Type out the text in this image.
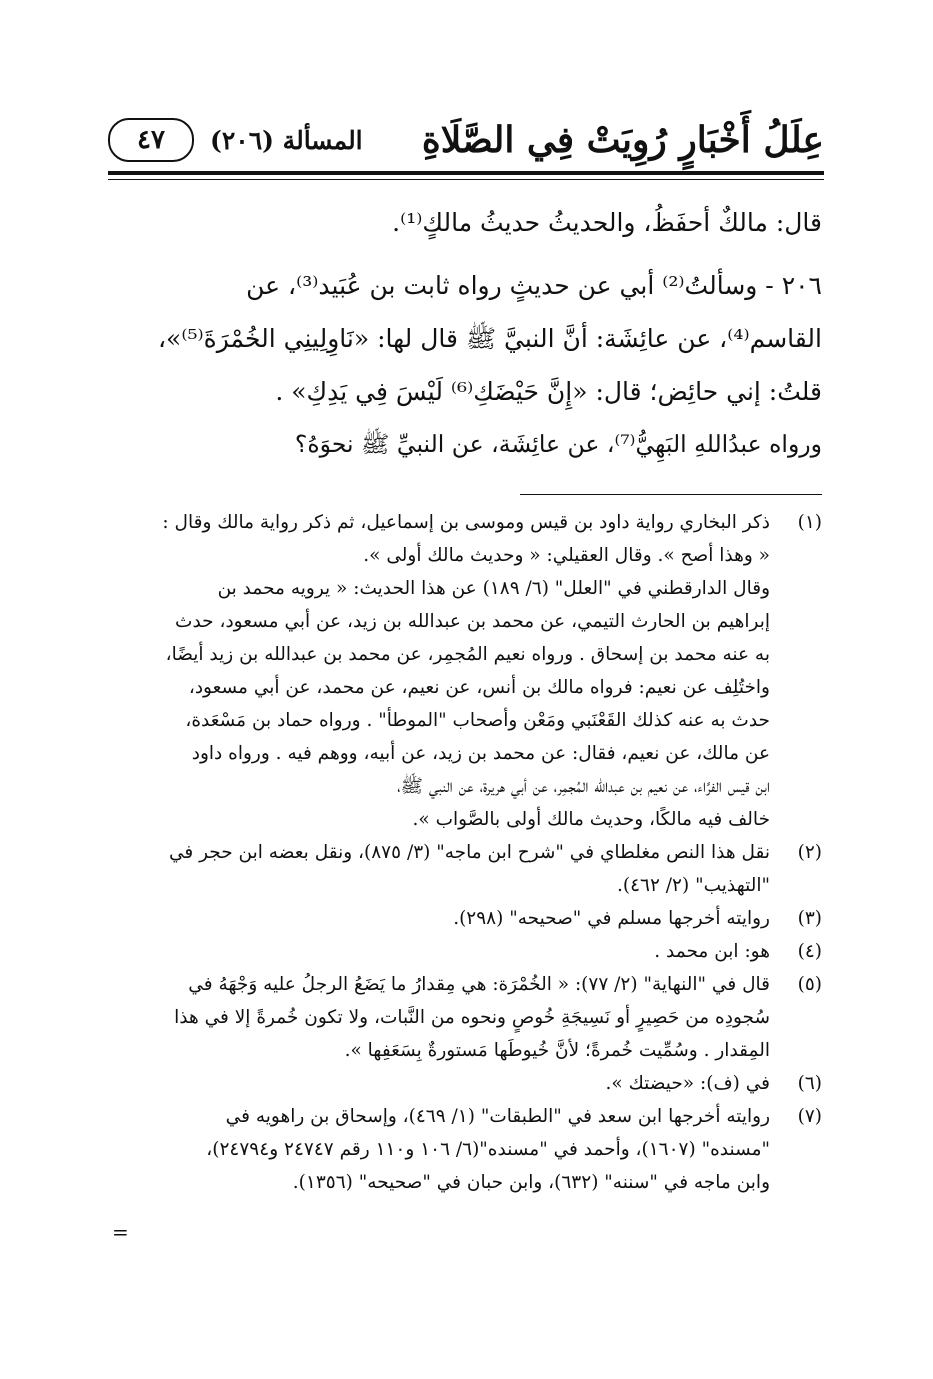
عِلَلُ أَخْبَارٍ رُوِيَتْ فِي الصَّلَاةِ
المسألة (٢٠٦)
٤٧

قال: مالكٌ أحفَظُ، والحديثُ حديثُ مالكٍ⁽¹⁾.

٢٠٦ - وسألتُ⁽²⁾ أبي عن حديثٍ رواه ثابت بن عُبَيد⁽³⁾، عن

القاسم⁽⁴⁾، عن عائِشَة: أنَّ النبيَّ ﷺ قال لها: «نَاوِلِينِي الخُمْرَةَ⁽⁵⁾»،

قلتُ: إني حائِض؛ قال: «إِنَّ حَيْضَكِ⁽⁶⁾ لَيْسَ فِي يَدِكِ» .

ورواه عبدُاللهِ البَهِيُّ⁽⁷⁾، عن عائِشَة، عن النبيِّ ﷺ نحوَهُ؟

(١)

ذكر البخاري رواية داود بن قيس وموسى بن إسماعيل، ثم ذكر رواية مالك وقال :

« وهذا أصح ». وقال العقيلي: « وحديث مالك أولى ».

وقال الدارقطني في "العلل" (٦/ ١٨٩) عن هذا الحديث: « يرويه محمد بن

إبراهيم بن الحارث التيمي، عن محمد بن عبدالله بن زيد، عن أبي مسعود، حدث

به عنه محمد بن إسحاق . ورواه نعيم المُجمِر، عن محمد بن عبدالله بن زيد أيضًا،

واختُلِف عن نعيم: فرواه مالك بن أنس، عن نعيم، عن محمد، عن أبي مسعود،

حدث به عنه كذلك القَعْنَبي ومَعْن وأصحاب "الموطأ" . ورواه حماد بن مَسْعَدة،

عن مالك، عن نعيم، فقال: عن محمد بن زيد، عن أبيه، ووهم فيه . ورواه داود

ابن قيس الفرَّاء، عن نعيم بن عبدالله المُجمِر، عن أبي هريرة، عن النبي ﷺ،

خالف فيه مالكًا، وحديث مالك أولى بالصَّواب ».

(٢)

نقل هذا النص مغلطاي في "شرح ابن ماجه" (٣/ ٨٧٥)، ونقل بعضه ابن حجر في

"التهذيب" (٢/ ٤٦٢).

(٣)

روايته أخرجها مسلم في "صحيحه" (٢٩٨).

(٤)

هو: ابن محمد .

(٥)

قال في "النهاية" (٢/ ٧٧): « الخُمْرَة: هي مِقدارُ ما يَضَعُ الرجلُ عليه وَجْهَهُ في

سُجودِه من حَصِيرٍ أو نَسِيجَةِ خُوصٍ ونحوه من النَّبات، ولا تكون خُمرةً إلا في هذا

المِقدار . وسُمِّيت خُمرةً؛ لأنَّ خُيوطَها مَستورةٌ بِسَعَفِها ».

(٦)

في (ف): «حيضتك ».

(٧)

روايته أخرجها ابن سعد في "الطبقات" (١/ ٤٦٩)، وإسحاق بن راهويه في

"مسنده" (١٦٠٧)، وأحمد في "مسنده"(٦/ ١٠٦ و١١٠ رقم ٢٤٧٤٧ و٢٤٧٩٤)،

وابن ماجه في "سننه" (٦٣٢)، وابن حبان في "صحيحه" (١٣٥٦).

=
